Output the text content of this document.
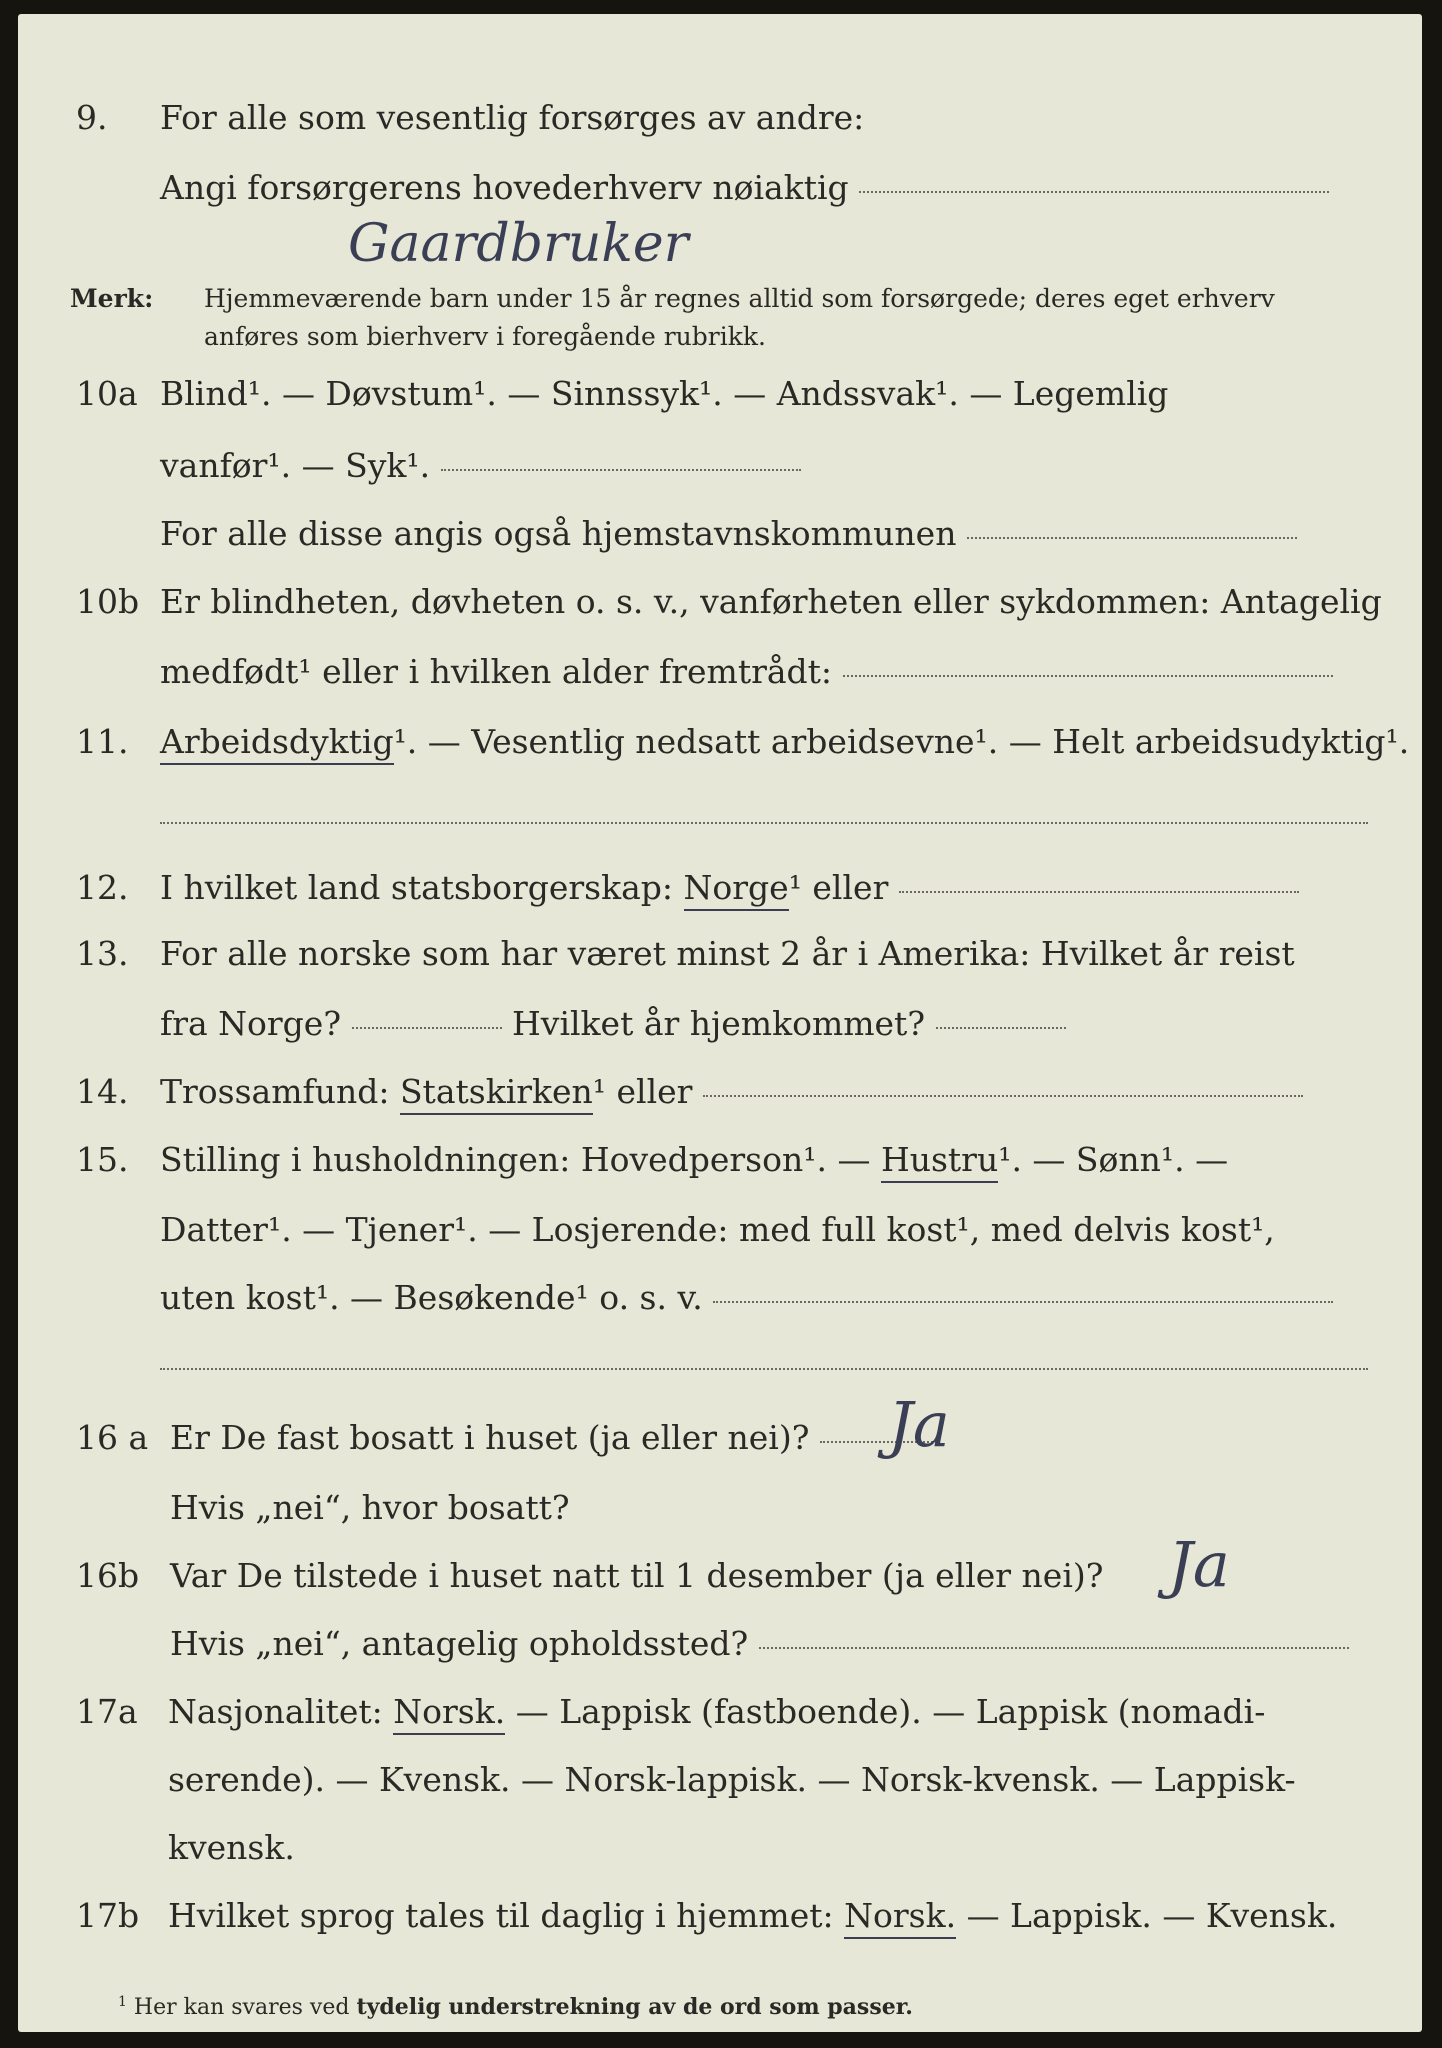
9. For alle som vesentlig forsørges av andre:
Angi forsørgerens hovederhverv nøiaktig
Gaardbruker
Merk: Hjemmeværende barn under 15 år regnes alltid som forsørgede; deres eget erhverv
anføres som bierhverv i foregående rubrikk.
10a Blind¹. — Døvstum¹. — Sinnssyk¹. — Andssvak¹. — Legemlig
vanfør¹. — Syk¹.
For alle disse angis også hjemstavnskommunen
10b Er blindheten, døvheten o. s. v., vanførheten eller sykdommen: Antagelig
medfødt¹ eller i hvilken alder fremtrådt:
11. Arbeidsdyktig¹. — Vesentlig nedsatt arbeidsevne¹. — Helt arbeidsudyktig¹.
12. I hvilket land statsborgerskap: Norge¹ eller
13. For alle norske som har været minst 2 år i Amerika: Hvilket år reist
fra Norge?	Hvilket år hjemkommet?
14. Trossamfund: Statskirken¹ eller
15. Stilling i husholdningen: Hovedperson¹. — Hustru¹. — Sønn¹. —
Datter¹. — Tjener¹. — Losjerende: med full kost¹, med delvis kost¹,
uten kost¹. — Besøkende¹ o. s. v.
16 a Er De fast bosatt i huset (ja eller nei)?	Ja
Hvis „nei“, hvor bosatt?
16b Var De tilstede i huset natt til 1 desember (ja eller nei)? Ja
Hvis „nei“, antagelig opholdssted?
17a Nasjonalitet: Norsk. — Lappisk (fastboende). — Lappisk (nomadi-
serende). — Kvensk. — Norsk-lappisk. — Norsk-kvensk. — Lappisk-
kvensk.
17b Hvilket sprog tales til daglig i hjemmet: Norsk. — Lappisk. — Kvensk.
$^1$ Her kan svares ved tydelig understrekning av de ord som passer.
